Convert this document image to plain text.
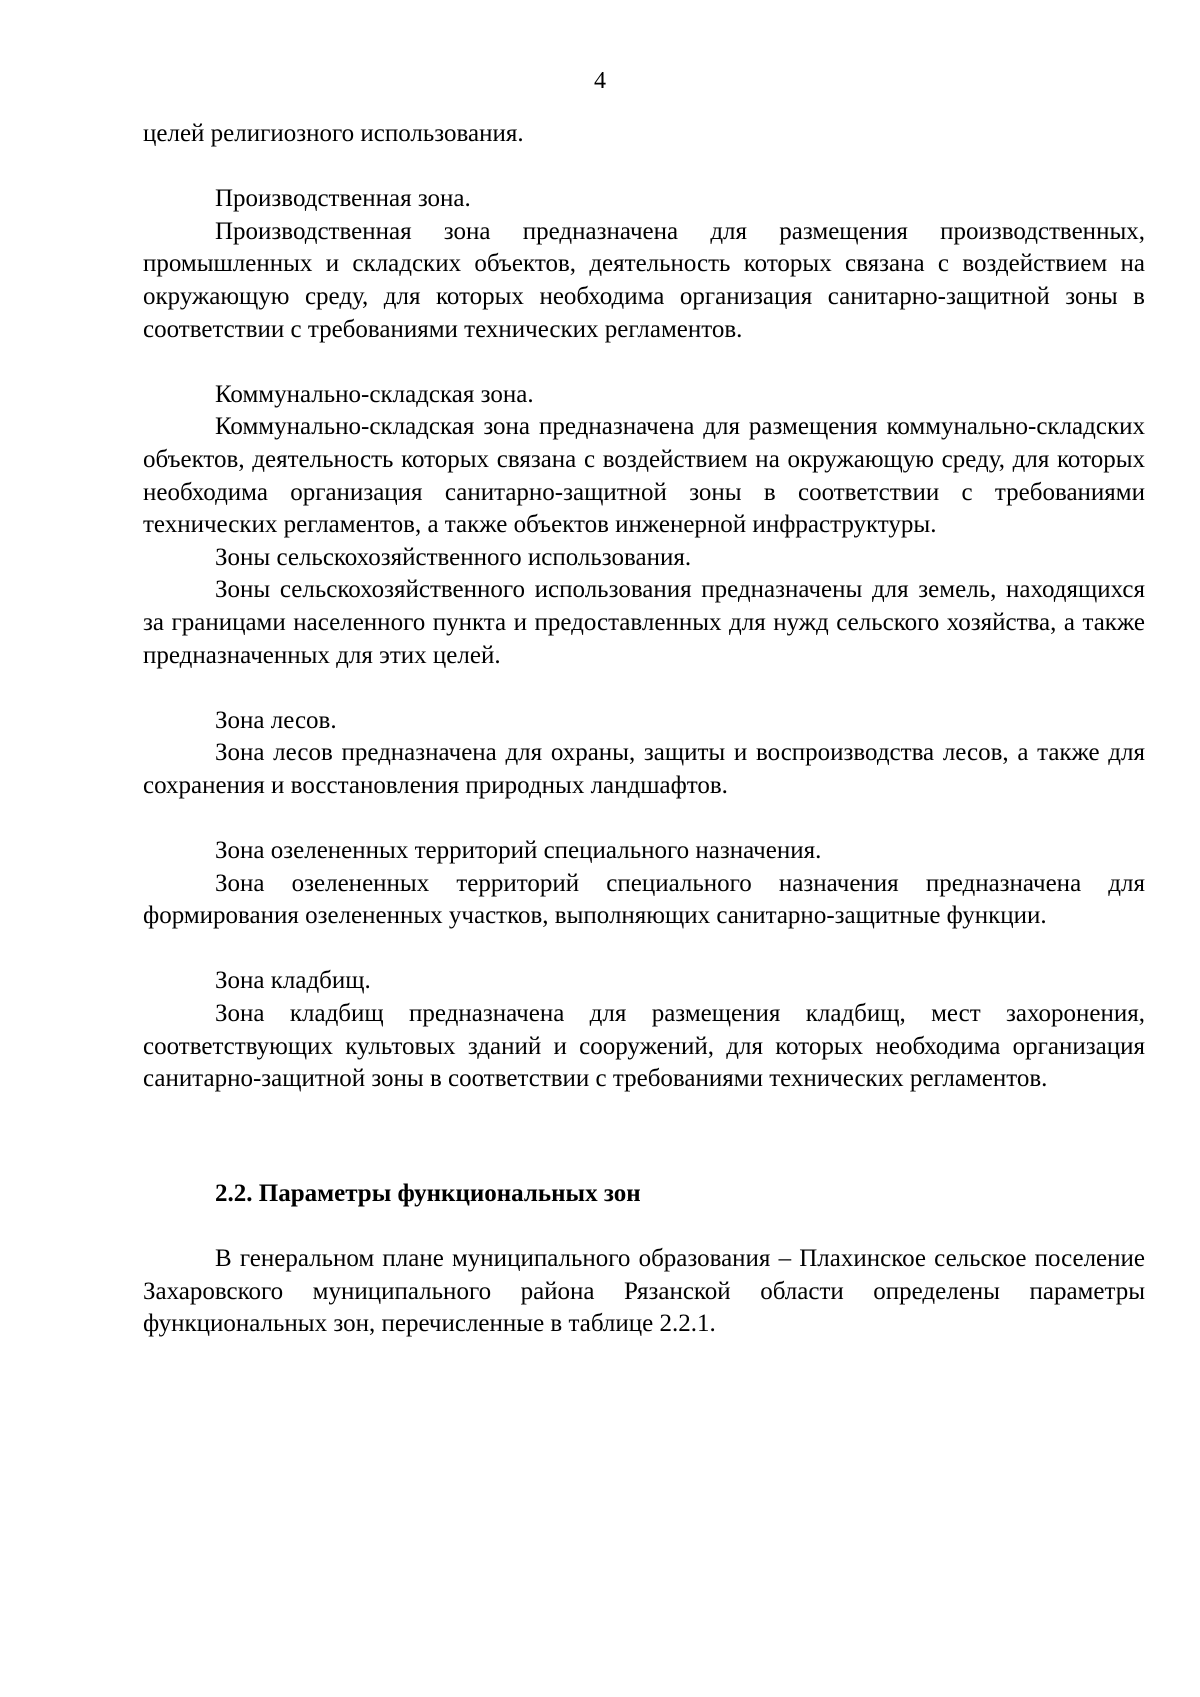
4

целей религиозного использования.

Производственная зона.

Производственная зона предназначена для размещения производственных, промышленных и складских объектов, деятельность которых связана с воздействием на окружающую среду, для которых необходима организация санитарно-защитной зоны в соответствии с требованиями технических регламентов.

Коммунально-складская зона.

Коммунально-складская зона предназначена для размещения коммунально-складских объектов, деятельность которых связана с воздействием на окружающую среду, для которых необходима организация санитарно-защитной зоны в соответствии с требованиями технических регламентов, а также объектов инженерной инфраструктуры.

Зоны сельскохозяйственного использования.

Зоны сельскохозяйственного использования предназначены для земель, находящихся за границами населенного пункта и предоставленных для нужд сельского хозяйства, а также предназначенных для этих целей.

Зона лесов.

Зона лесов предназначена для охраны, защиты и воспроизводства лесов, а также для сохранения и восстановления природных ландшафтов.

Зона озелененных территорий специального назначения.

Зона озелененных территорий специального назначения предназначена для формирования озелененных участков, выполняющих санитарно-защитные функции.

Зона кладбищ.

Зона кладбищ предназначена для размещения кладбищ, мест захоронения, соответствующих культовых зданий и сооружений, для которых необходима организация санитарно-защитной зоны в соответствии с требованиями технических регламентов.

2.2. Параметры функциональных зон

В генеральном плане муниципального образования – Плахинское сельское поселение Захаровского муниципального района Рязанской области определены параметры функциональных зон, перечисленные в таблице 2.2.1.
